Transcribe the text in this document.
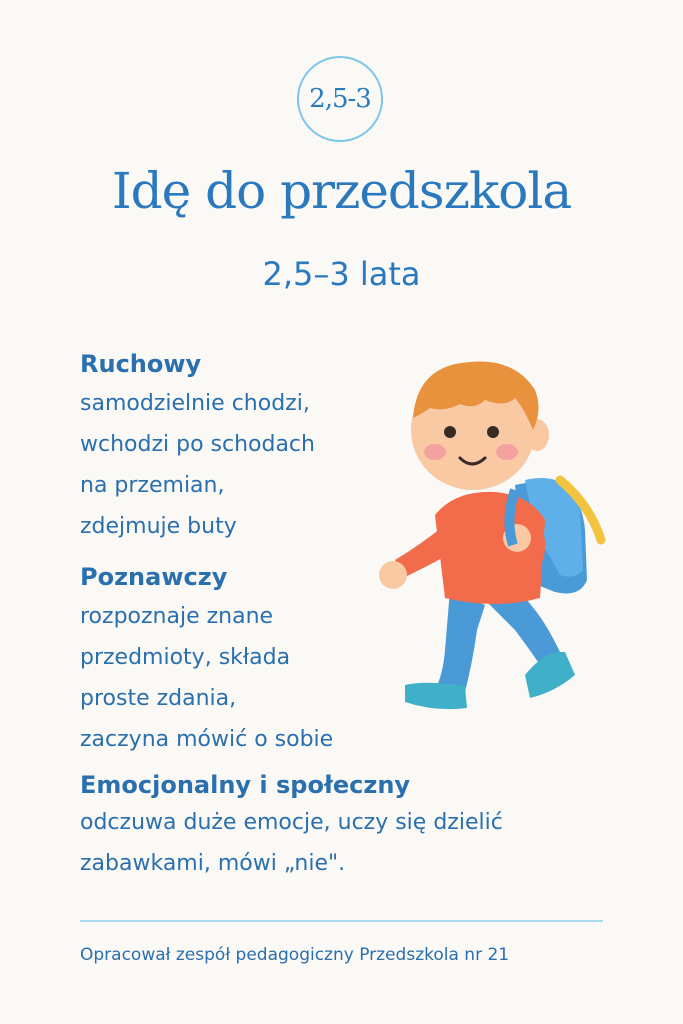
2,5-3
Idę do przedszkola

2,5–3 lata

Ruchowy

samodzielnie chodzi,
wchodzi po schodach
na przemian,
zdejmuje buty

Poznawczy

rozpoznaje znane
przedmioty, składa
proste zdania,
zaczyna mówić o sobie

Emocjonalny i społeczny

odczuwa duże emocje, uczy się dzielić
zabawkami, mówi „nie".

Opracował zespół pedagogiczny Przedszkola nr 21
